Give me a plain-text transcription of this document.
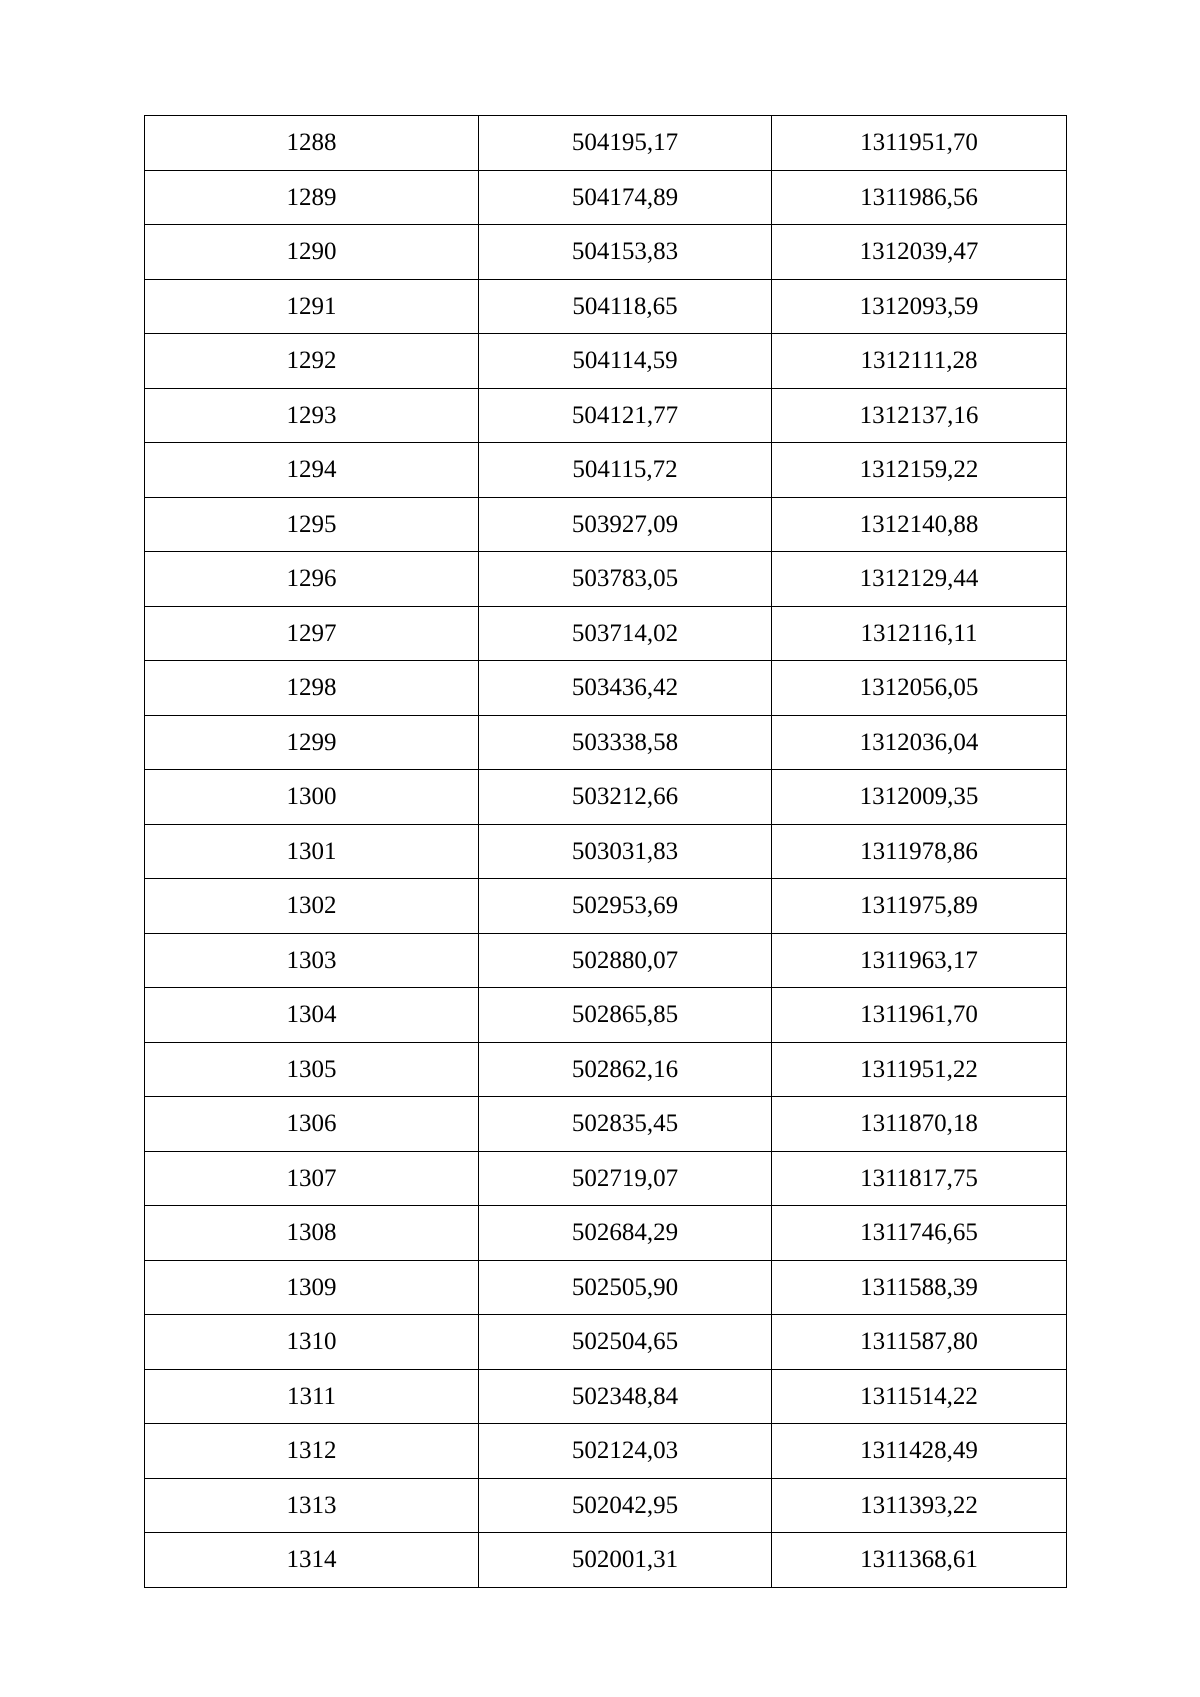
1288	504195,17	1311951,70
1289	504174,89	1311986,56
1290	504153,83	1312039,47
1291	504118,65	1312093,59
1292	504114,59	1312111,28
1293	504121,77	1312137,16
1294	504115,72	1312159,22
1295	503927,09	1312140,88
1296	503783,05	1312129,44
1297	503714,02	1312116,11
1298	503436,42	1312056,05
1299	503338,58	1312036,04
1300	503212,66	1312009,35
1301	503031,83	1311978,86
1302	502953,69	1311975,89
1303	502880,07	1311963,17
1304	502865,85	1311961,70
1305	502862,16	1311951,22
1306	502835,45	1311870,18
1307	502719,07	1311817,75
1308	502684,29	1311746,65
1309	502505,90	1311588,39
1310	502504,65	1311587,80
1311	502348,84	1311514,22
1312	502124,03	1311428,49
1313	502042,95	1311393,22
1314	502001,31	1311368,61
